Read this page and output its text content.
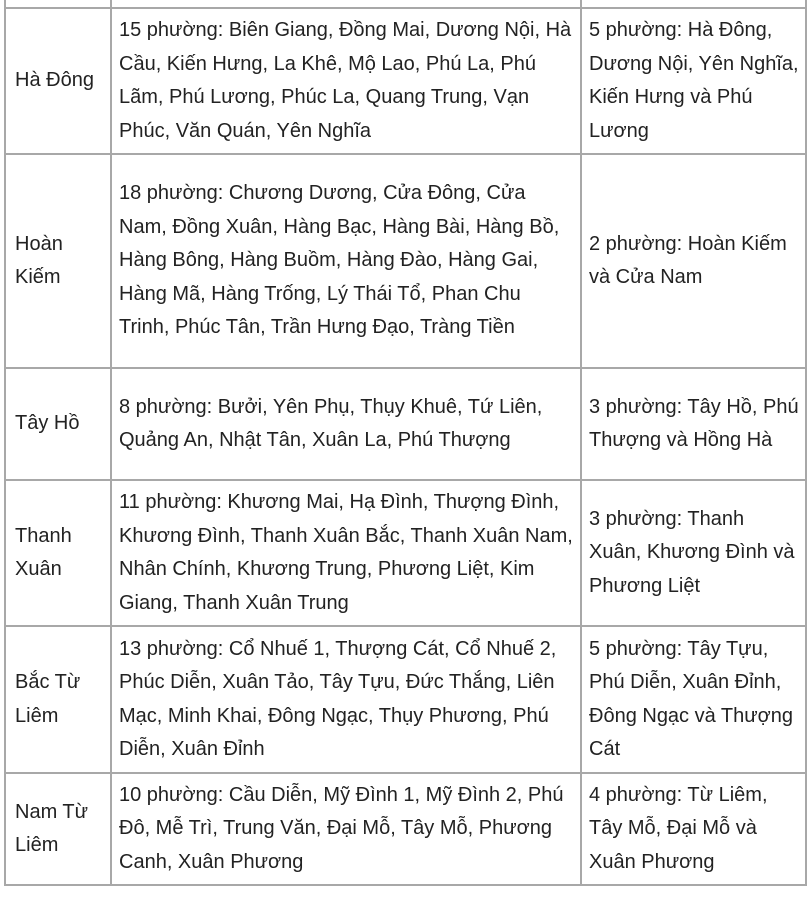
Hà Đông	15 phường: Biên Giang, Đồng Mai, Dương Nội, Hà Cầu, Kiến Hưng, La Khê, Mộ Lao, Phú La, Phú Lãm, Phú Lương, Phúc La, Quang Trung, Vạn Phúc, Văn Quán, Yên Nghĩa	5 phường: Hà Đông, Dương Nội, Yên Nghĩa, Kiến Hưng và Phú Lương
Hoàn Kiếm	18 phường: Chương Dương, Cửa Đông, Cửa Nam, Đồng Xuân, Hàng Bạc, Hàng Bài, Hàng Bồ, Hàng Bông, Hàng Buồm, Hàng Đào, Hàng Gai, Hàng Mã, Hàng Trống, Lý Thái Tổ, Phan Chu Trinh, Phúc Tân, Trần Hưng Đạo, Tràng Tiền	2 phường: Hoàn Kiếm và Cửa Nam
Tây Hồ	8 phường: Bưởi, Yên Phụ, Thụy Khuê, Tứ Liên, Quảng An, Nhật Tân, Xuân La, Phú Thượng	3 phường: Tây Hồ, Phú Thượng và Hồng Hà
Thanh Xuân	11 phường: Khương Mai, Hạ Đình, Thượng Đình, Khương Đình, Thanh Xuân Bắc, Thanh Xuân Nam, Nhân Chính, Khương Trung, Phương Liệt, Kim Giang, Thanh Xuân Trung	3 phường: Thanh Xuân, Khương Đình và Phương Liệt
Bắc Từ Liêm	13 phường: Cổ Nhuế 1, Thượng Cát, Cổ Nhuế 2, Phúc Diễn, Xuân Tảo, Tây Tựu, Đức Thắng, Liên Mạc, Minh Khai, Đông Ngạc, Thụy Phương, Phú Diễn, Xuân Đỉnh	5 phường: Tây Tựu, Phú Diễn, Xuân Đỉnh, Đông Ngạc và Thượng Cát
Nam Từ Liêm	10 phường: Cầu Diễn, Mỹ Đình 1, Mỹ Đình 2, Phú Đô, Mễ Trì, Trung Văn, Đại Mỗ, Tây Mỗ, Phương Canh, Xuân Phương	4 phường: Từ Liêm, Tây Mỗ, Đại Mỗ và Xuân Phương
